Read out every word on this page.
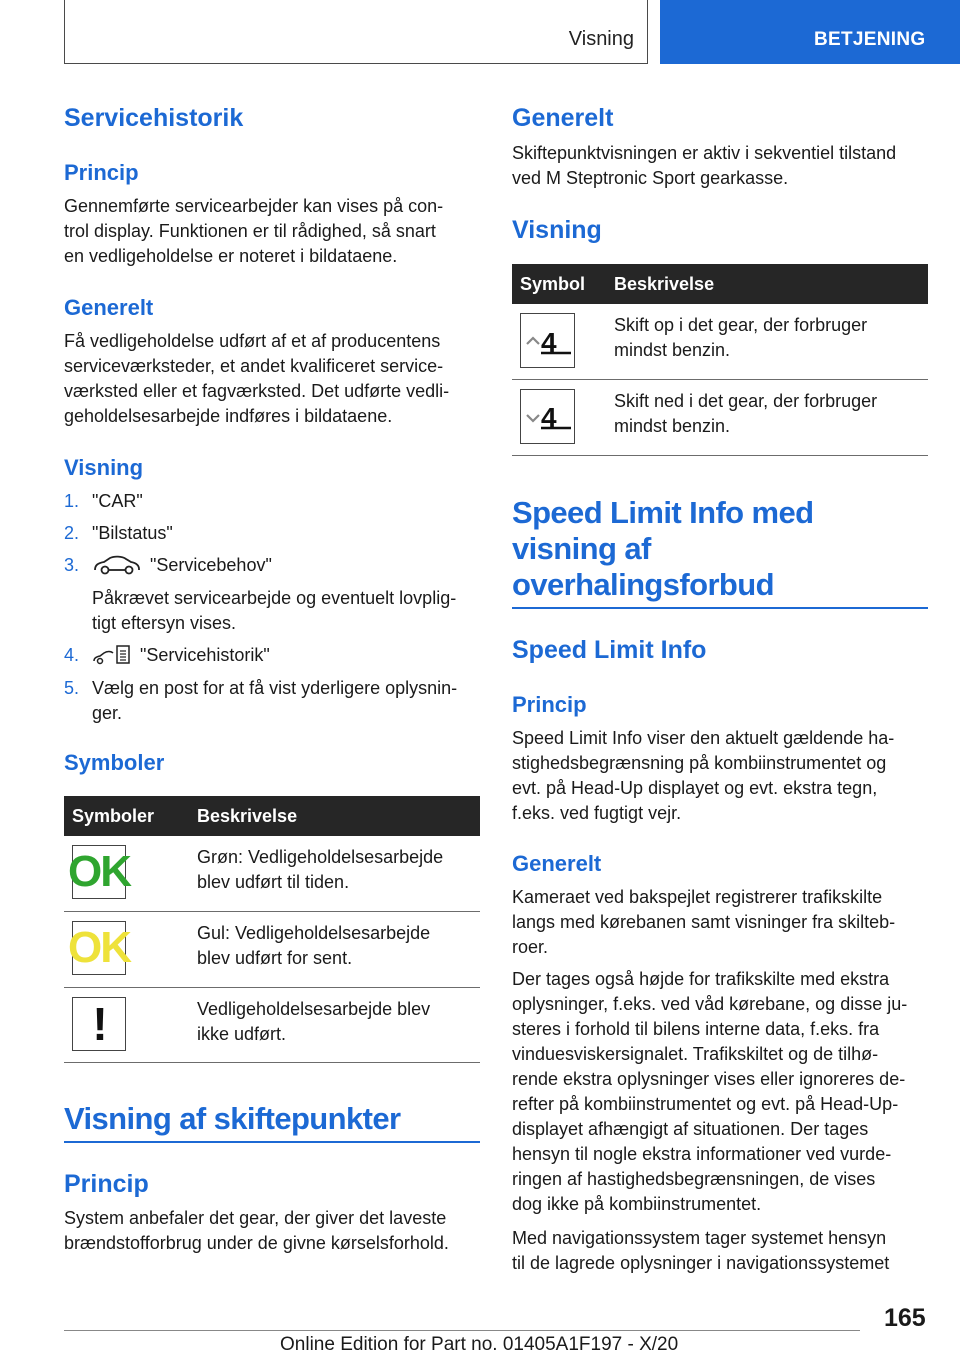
Visning	BETJENING
Servicehistorik
Princip
Gennemførte servicearbejder kan vises på con‐
trol display. Funktionen er til rådighed, så snart
en vedligeholdelse er noteret i bildataene.
Generelt
Få vedligeholdelse udført af et af producentens
serviceværksteder, et andet kvalificeret service‐
værksted eller et fagværksted. Det udførte vedli‐
geholdelsesarbejde indføres i bildataene.
Visning
1. "CAR"
2. "Bilstatus"
3.	"Servicebehov"
Påkrævet servicearbejde og eventuelt lovplig‐
tigt eftersyn vises.
4.	"Servicehistorik"
5. Vælg en post for at få vist yderligere oplysnin‐
ger.
Symboler
Symboler	Beskrivelse

OK	Grøn: Vedligeholdelsesarbejde
blev udført til tiden.

OK	Gul: Vedligeholdelsesarbejde
blev udført for sent.

!	Vedligeholdelsesarbejde blev
ikke udført.
Visning af skiftepunkter
Princip
System anbefaler det gear, der giver det laveste
brændstofforbrug under de givne kørselsforhold.
Generelt
Skiftepunktvisningen er aktiv i sekventiel tilstand
ved M Steptronic Sport gearkasse.
Visning
Symbol	Beskrivelse

4	Skift op i det gear, der forbruger
mindst benzin.

4	Skift ned i det gear, der forbruger
mindst benzin.
Speed Limit Info med
visning af
overhalingsforbud
Speed Limit Info
Princip
Speed Limit Info viser den aktuelt gældende ha‐
stighedsbegrænsning på kombiinstrumentet og
evt. på Head-Up displayet og evt. ekstra tegn,
f.eks. ved fugtigt vejr.
Generelt
Kameraet ved bakspejlet registrerer trafikskilte
langs med kørebanen samt visninger fra skilteb‐
roer.
Der tages også højde for trafikskilte med ekstra
oplysninger, f.eks. ved våd kørebane, og disse ju‐
steres i forhold til bilens interne data, f.eks. fra
vinduesviskersignalet. Trafikskiltet og de tilhø‐
rende ekstra oplysninger vises eller ignoreres de‐
refter på kombiinstrumentet og evt. på Head-Up-
displayet afhængigt af situationen. Der tages
hensyn til nogle ekstra informationer ved vurde‐
ringen af hastighedsbegrænsningen, de vises
dog ikke på kombiinstrumentet.
Med navigationssystem tager systemet hensyn
til de lagrede oplysninger i navigationssystemet
165
Online Edition for Part no. 01405A1F197 - X/20
